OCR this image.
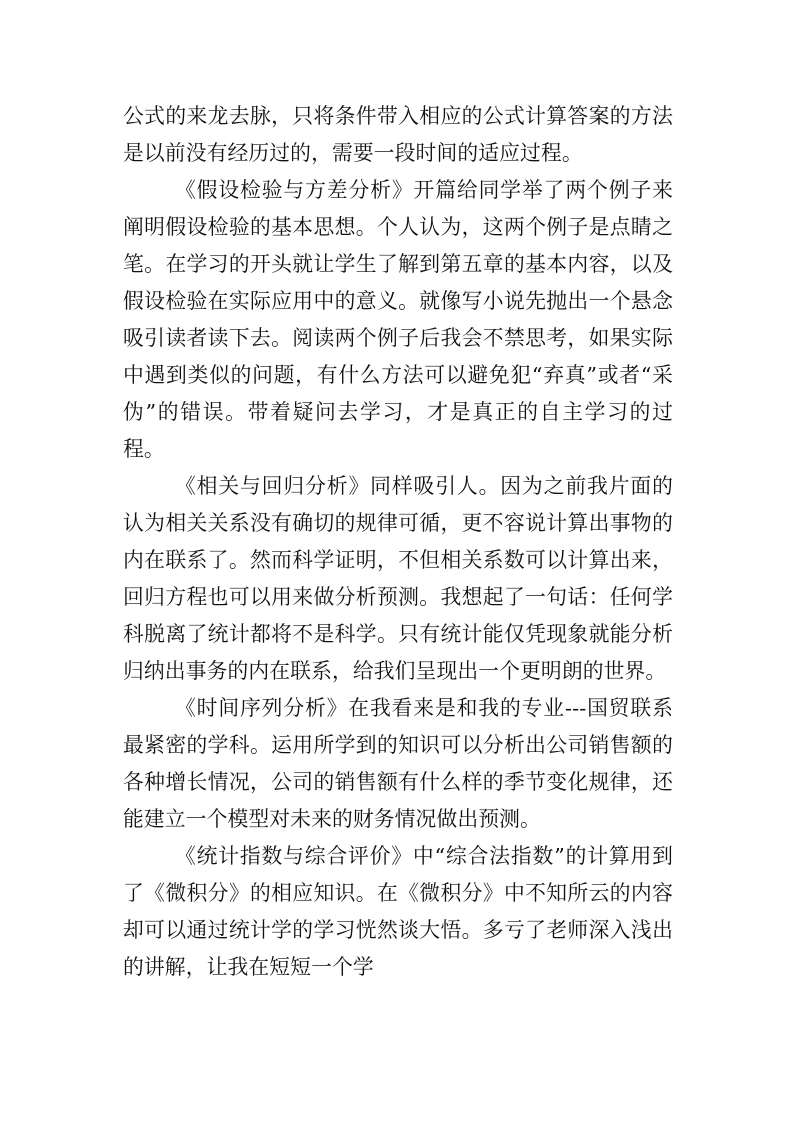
公式的来龙去脉，只将条件带入相应的公式计算答案的方法是以前没有经历过的，需要一段时间的适应过程。

《假设检验与方差分析》开篇给同学举了两个例子来阐明假设检验的基本思想。个人认为，这两个例子是点睛之笔。在学习的开头就让学生了解到第五章的基本内容，以及假设检验在实际应用中的意义。就像写小说先抛出一个悬念吸引读者读下去。阅读两个例子后我会不禁思考，如果实际中遇到类似的问题，有什么方法可以避免犯“弃真”或者“采伪”的错误。带着疑问去学习，才是真正的自主学习的过程。

《相关与回归分析》同样吸引人。因为之前我片面的认为相关关系没有确切的规律可循，更不容说计算出事物的内在联系了。然而科学证明，不但相关系数可以计算出来，回归方程也可以用来做分析预测。我想起了一句话：任何学科脱离了统计都将不是科学。只有统计能仅凭现象就能分析归纳出事务的内在联系，给我们呈现出一个更明朗的世界。

《时间序列分析》在我看来是和我的专业---国贸联系最紧密的学科。运用所学到的知识可以分析出公司销售额的各种增长情况，公司的销售额有什么样的季节变化规律，还能建立一个模型对未来的财务情况做出预测。

《统计指数与综合评价》中“综合法指数”的计算用到了《微积分》的相应知识。在《微积分》中不知所云的内容却可以通过统计学的学习恍然谈大悟。多亏了老师深入浅出的讲解，让我在短短一个学
